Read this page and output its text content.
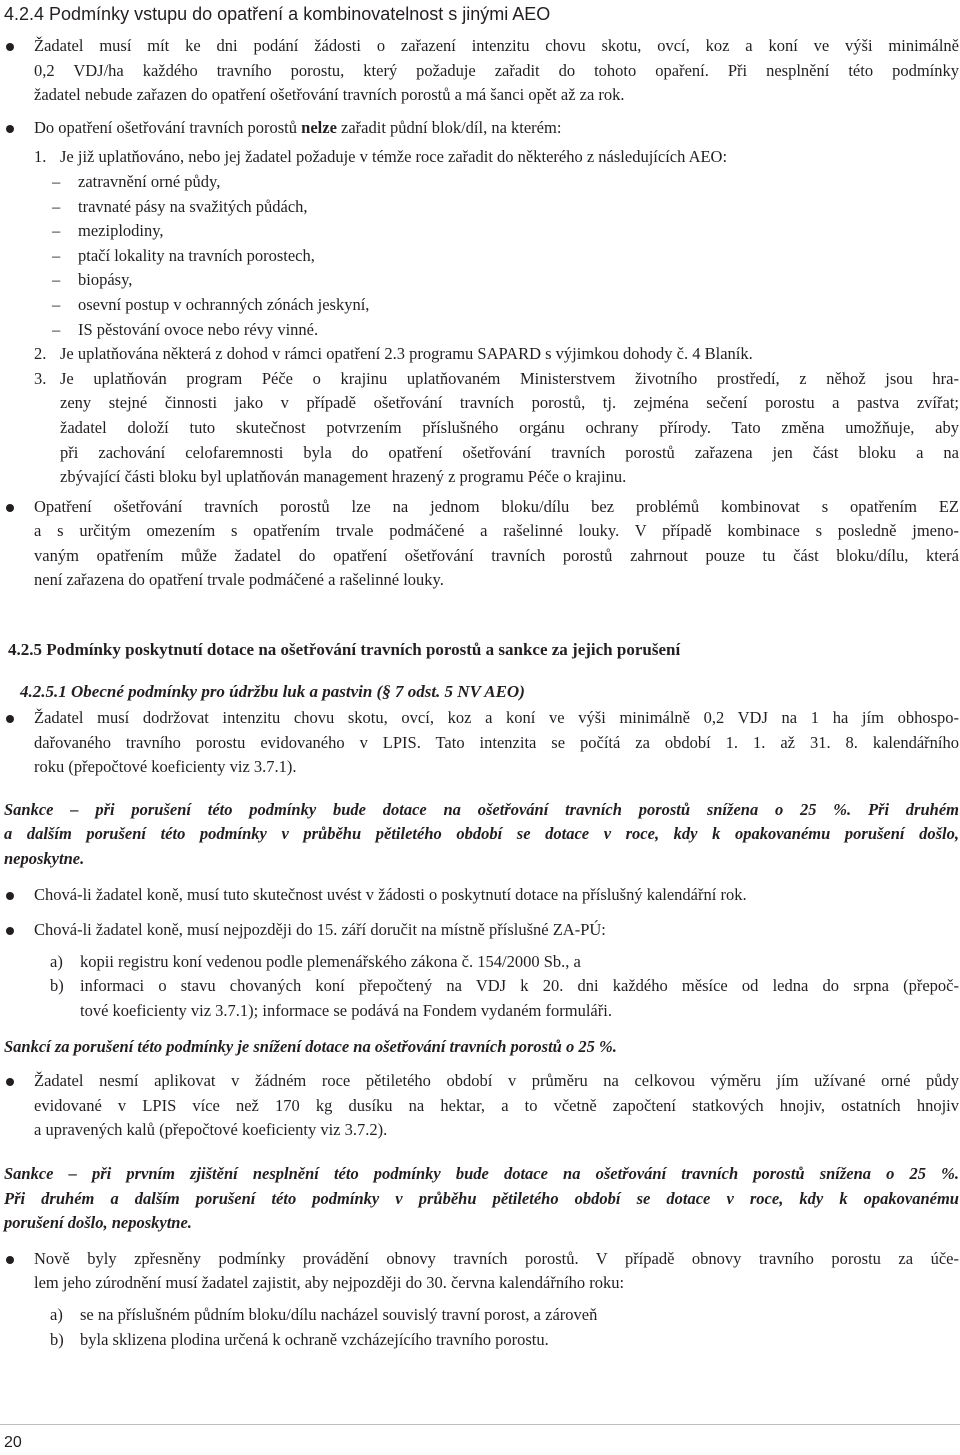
4.2.4 Podmínky vstupu do opatření a kombinovatelnost s jinými AEO

Žadatel musí mít ke dni podání žádosti o zařazení intenzitu chovu skotu, ovcí, koz a koní ve výši minimálně

0,2 VDJ/ha každého travního porostu, který požaduje zařadit do tohoto opaření. Při nesplnění této podmínky

žadatel nebude zařazen do opatření ošetřování travních porostů a má šanci opět až za rok.

Do opatření ošetřování travních porostů nelze zařadit půdní blok/díl, na kterém:

1. Je již uplatňováno, nebo jej žadatel požaduje v témže roce zařadit do některého z následujících AEO:

– zatravnění orné půdy,
– travnaté pásy na svažitých půdách,
– meziplodiny,
– ptačí lokality na travních porostech,
– biopásy,
– osevní postup v ochranných zónách jeskyní,
– IS pěstování ovoce nebo révy vinné.
2. Je uplatňována některá z dohod v rámci opatření 2.3 programu SAPARD s výjimkou dohody č. 4 Blaník.

3. Je uplatňován program Péče o krajinu uplatňovaném Ministerstvem životního prostředí, z něhož jsou hra-

zeny stejné činnosti jako v případě ošetřování travních porostů, tj. zejména sečení porostu a pastva zvířat;

žadatel doloží tuto skutečnost potvrzením příslušného orgánu ochrany přírody. Tato změna umožňuje, aby

při zachování celofaremnosti byla do opatření ošetřování travních porostů zařazena jen část bloku a na

zbývající části bloku byl uplatňován management hrazený z programu Péče o krajinu.

Opatření ošetřování travních porostů lze na jednom bloku/dílu bez problémů kombinovat s opatřením EZ

a s určitým omezením s opatřením trvale podmáčené a rašelinné louky. V případě kombinace s posledně jmeno-

vaným opatřením může žadatel do opatření ošetřování travních porostů zahrnout pouze tu část bloku/dílu, která

není zařazena do opatření trvale podmáčené a rašelinné louky.

4.2.5 Podmínky poskytnutí dotace na ošetřování travních porostů a sankce za jejich porušení

4.2.5.1 Obecné podmínky pro údržbu luk a pastvin (§ 7 odst. 5 NV AEO)

Žadatel musí dodržovat intenzitu chovu skotu, ovcí, koz a koní ve výši minimálně 0,2 VDJ na 1 ha jím obhospo-

dařovaného travního porostu evidovaného v LPIS. Tato intenzita se počítá za období 1. 1. až 31. 8. kalendářního

roku (přepočtové koeficienty viz 3.7.1).

Sankce – při porušení této podmínky bude dotace na ošetřování travních porostů snížena o 25 %. Při druhém

a dalším porušení této podmínky v průběhu pětiletého období se dotace v roce, kdy k opakovanému porušení došlo,

neposkytne.

Chová-li žadatel koně, musí tuto skutečnost uvést v žádosti o poskytnutí dotace na příslušný kalendářní rok.

Chová-li žadatel koně, musí nejpozději do 15. září doručit na místně příslušné ZA-PÚ:

a) kopii registru koní vedenou podle plemenářského zákona č. 154/2000 Sb., a

b) informaci o stavu chovaných koní přepočtený na VDJ k 20. dni každého měsíce od ledna do srpna (přepoč-

tové koeficienty viz 3.7.1); informace se podává na Fondem vydaném formuláři.

Sankcí za porušení této podmínky je snížení dotace na ošetřování travních porostů o 25 %.

Žadatel nesmí aplikovat v žádném roce pětiletého období v průměru na celkovou výměru jím užívané orné půdy

evidované v LPIS více než 170 kg dusíku na hektar, a to včetně započtení statkových hnojiv, ostatních hnojiv

a upravených kalů (přepočtové koeficienty viz 3.7.2).

Sankce – při prvním zjištění nesplnění této podmínky bude dotace na ošetřování travních porostů snížena o 25 %.

Při druhém a dalším porušení této podmínky v průběhu pětiletého období se dotace v roce, kdy k opakovanému

porušení došlo, neposkytne.

Nově byly zpřesněny podmínky provádění obnovy travních porostů. V případě obnovy travního porostu za úče-

lem jeho zúrodnění musí žadatel zajistit, aby nejpozději do 30. června kalendářního roku:

a) se na příslušném půdním bloku/dílu nacházel souvislý travní porost, a zároveň

b) byla sklizena plodina určená k ochraně vzcházejícího travního porostu.

20
